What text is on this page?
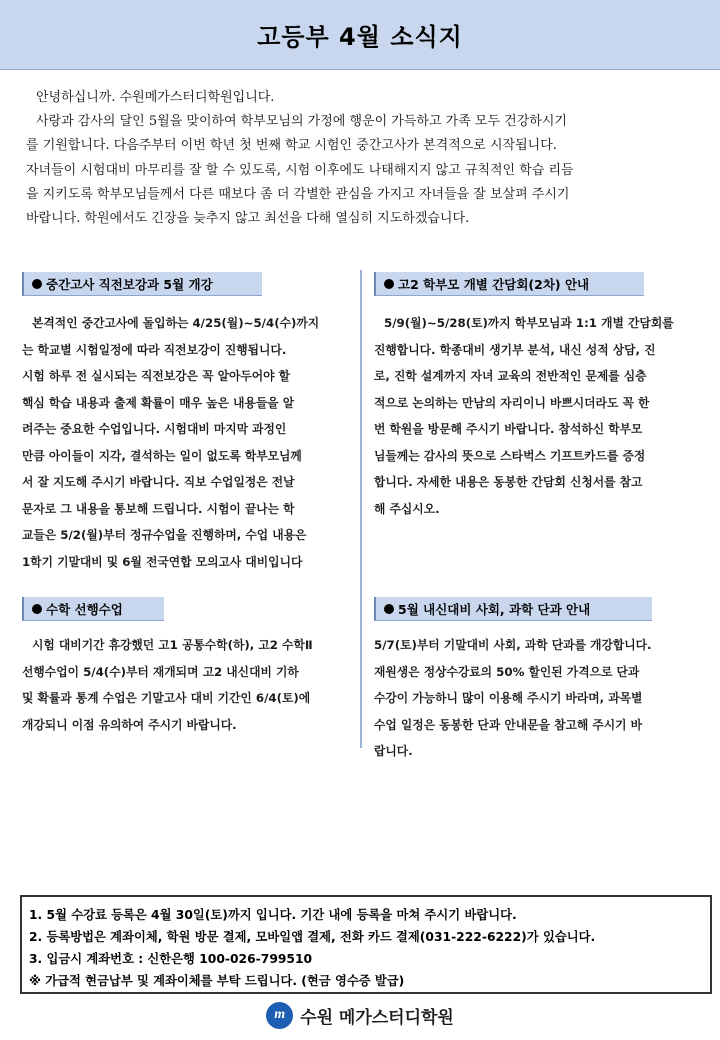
고등부 4월 소식지

안녕하십니까. 수원메가스터디학원입니다.

사랑과 감사의 달인 5월을 맞이하여 학부모님의 가정에 행운이 가득하고 가족 모두 건강하시기

를 기원합니다. 다음주부터 이번 학년 첫 번째 학교 시험인 중간고사가 본격적으로 시작됩니다.

자녀들이 시험대비 마무리를 잘 할 수 있도록, 시험 이후에도 나태해지지 않고 규칙적인 학습 리듬

을 지키도록 학부모님들께서 다른 때보다 좀 더 각별한 관심을 가지고 자녀들을 잘 보살펴 주시기

바랍니다. 학원에서도 긴장을 늦추지 않고 최선을 다해 열심히 지도하겠습니다.

중간고사 직전보강과 5월 개강

본격적인 중간고사에 돌입하는 4/25(월)~5/4(수)까지

는 학교별 시험일정에 따라 직전보강이 진행됩니다.

시험 하루 전 실시되는 직전보강은 꼭 알아두어야 할

핵심 학습 내용과 출제 확률이 매우 높은 내용들을 알

려주는 중요한 수업입니다. 시험대비 마지막 과정인

만큼 아이들이 지각, 결석하는 일이 없도록 학부모님께

서 잘 지도해 주시기 바랍니다. 직보 수업일정은 전날

문자로 그 내용을 통보해 드립니다. 시험이 끝나는 학

교들은 5/2(월)부터 정규수업을 진행하며, 수업 내용은

1학기 기말대비 및 6월 전국연합 모의고사 대비입니다

고2 학부모 개별 간담회(2차) 안내

5/9(월)~5/28(토)까지 학부모님과 1:1 개별 간담회를

진행합니다. 학종대비 생기부 분석, 내신 성적 상담, 진

로, 진학 설계까지 자녀 교육의 전반적인 문제를 심층

적으로 논의하는 만남의 자리이니 바쁘시더라도 꼭 한

번 학원을 방문해 주시기 바랍니다. 참석하신 학부모

님들께는 감사의 뜻으로 스타벅스 기프트카드를 증정

합니다. 자세한 내용은 동봉한 간담회 신청서를 참고

해 주십시오.

수학 선행수업

시험 대비기간 휴강했던 고1 공통수학(하), 고2 수학Ⅱ

선행수업이 5/4(수)부터 재개되며 고2 내신대비 기하

및 확률과 통계 수업은 기말고사 대비 기간인 6/4(토)에

개강되니 이점 유의하여 주시기 바랍니다.

5월 내신대비 사회, 과학 단과 안내

5/7(토)부터 기말대비 사회, 과학 단과를 개강합니다.

재원생은 정상수강료의 50% 할인된 가격으로 단과

수강이 가능하니 많이 이용해 주시기 바라며, 과목별

수업 일정은 동봉한 단과 안내문을 참고해 주시기 바

랍니다.

1. 5월 수강료 등록은 4월 30일(토)까지 입니다. 기간 내에 등록을 마쳐 주시기 바랍니다.

2. 등록방법은 계좌이체, 학원 방문 결제, 모바일앱 결제, 전화 카드 결제(031-222-6222)가 있습니다.

3. 입금시 계좌번호 : 신한은행 100-026-799510

※ 가급적 현금납부 및 계좌이체를 부탁 드립니다. (현금 영수증 발급)

m 수원 메가스터디학원
